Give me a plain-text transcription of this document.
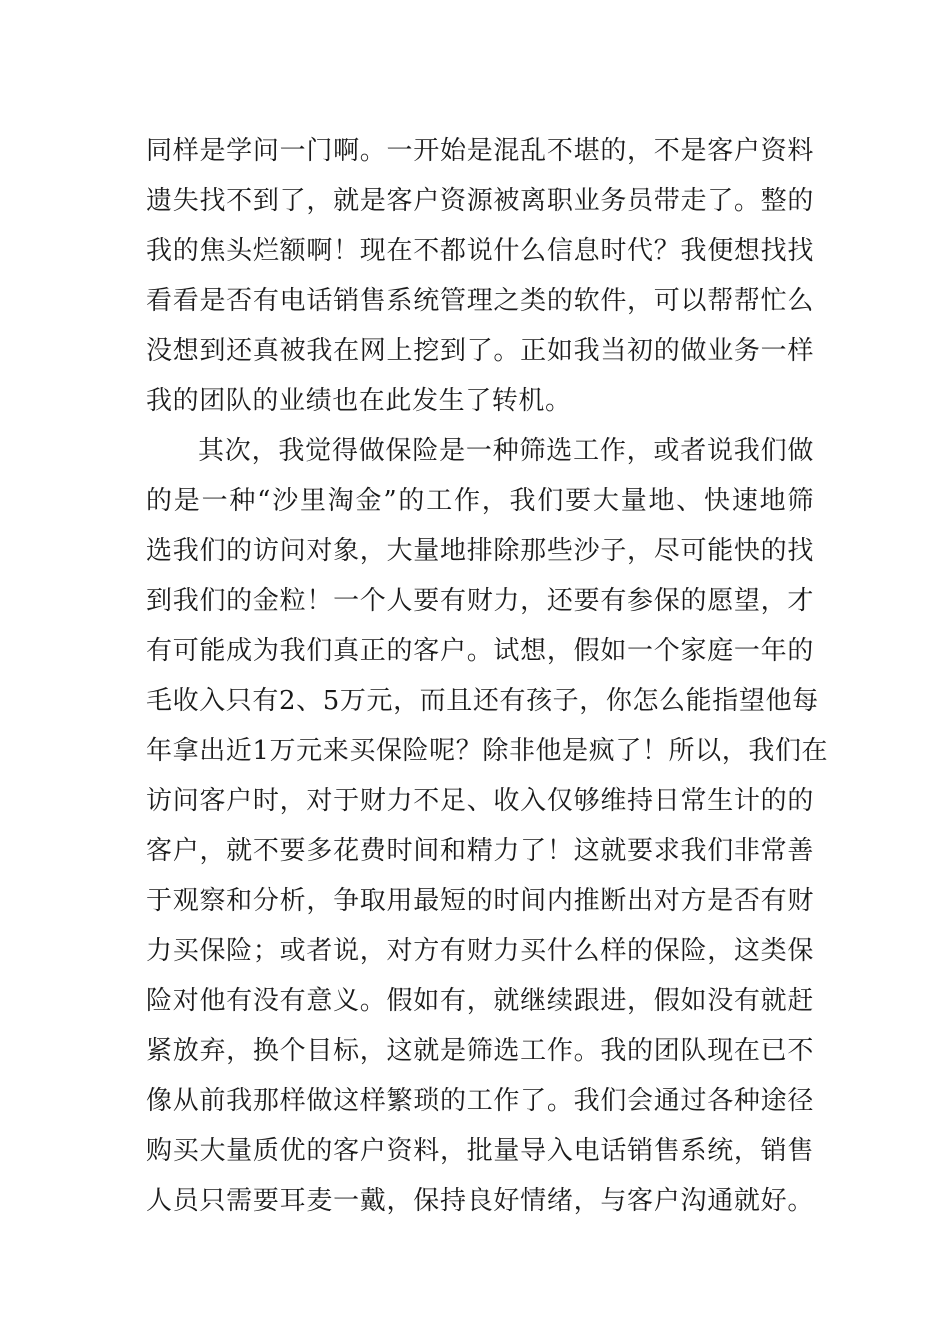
同样是学问一门啊。一开始是混乱不堪的，不是客户资料
遗失找不到了，就是客户资源被离职业务员带走了。整的
我的焦头烂额啊！现在不都说什么信息时代？我便想找找
看看是否有电话销售系统管理之类的软件，可以帮帮忙么
没想到还真被我在网上挖到了。正如我当初的做业务一样
我的团队的业绩也在此发生了转机。
其次，我觉得做保险是一种筛选工作，或者说我们做
的是一种“沙里淘金”的工作，我们要大量地、快速地筛
选我们的访问对象，大量地排除那些沙子，尽可能快的找
到我们的金粒！一个人要有财力，还要有参保的愿望，才
有可能成为我们真正的客户。试想，假如一个家庭一年的
毛收入只有2、5万元，而且还有孩子，你怎么能指望他每
年拿出近1万元来买保险呢？除非他是疯了！所以，我们在
访问客户时，对于财力不足、收入仅够维持日常生计的的
客户，就不要多花费时间和精力了！这就要求我们非常善
于观察和分析，争取用最短的时间内推断出对方是否有财
力买保险；或者说，对方有财力买什么样的保险，这类保
险对他有没有意义。假如有，就继续跟进，假如没有就赶
紧放弃，换个目标，这就是筛选工作。我的团队现在已不
像从前我那样做这样繁琐的工作了。我们会通过各种途径
购买大量质优的客户资料，批量导入电话销售系统，销售
人员只需要耳麦一戴，保持良好情绪，与客户沟通就好。
